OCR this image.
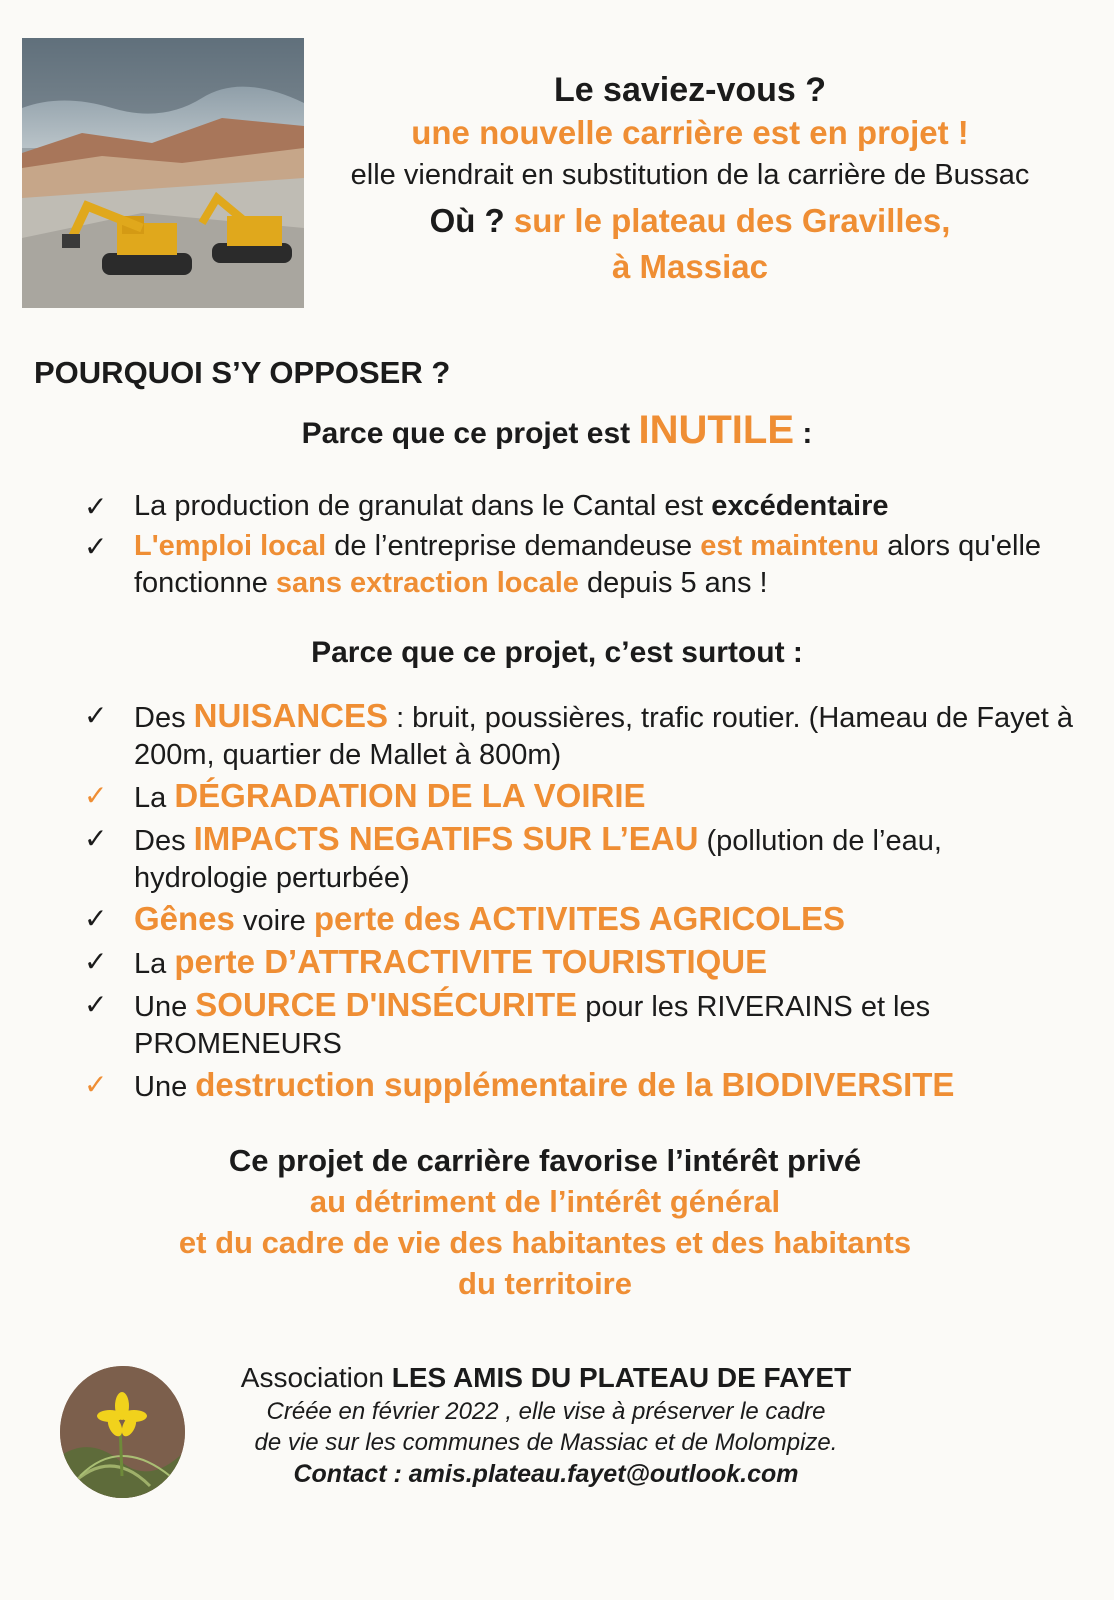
Le saviez-vous ?
une nouvelle carrière est en projet !
elle viendrait en substitution de la carrière de Bussac
Où ? sur le plateau des Gravilles,
à Massiac
POURQUOI S’Y OPPOSER ?
Parce que ce projet est INUTILE :
✓ La production de granulat dans le Cantal est excédentaire
✓ L'emploi local de l’entreprise demandeuse est maintenu alors qu'elle fonctionne sans extraction locale depuis 5 ans !
Parce que ce projet, c’est surtout :
✓ Des NUISANCES : bruit, poussières, trafic routier. (Hameau de Fayet à 200m, quartier de Mallet à 800m)
✓ La DÉGRADATION DE LA VOIRIE
✓ Des IMPACTS NEGATIFS SUR L’EAU (pollution de l’eau, hydrologie perturbée)
✓ Gênes voire perte des ACTIVITES AGRICOLES
✓ La perte D’ATTRACTIVITE TOURISTIQUE
✓ Une SOURCE D'INSÉCURITE pour les RIVERAINS et les PROMENEURS
✓ Une destruction supplémentaire de la BIODIVERSITE
Ce projet de carrière favorise l’intérêt privé
au détriment de l’intérêt général
et du cadre de vie des habitantes et des habitants
du territoire
Association LES AMIS DU PLATEAU DE FAYET
Créée en février 2022 , elle vise à préserver le cadre
de vie sur les communes de Massiac et de Molompize.
Contact : amis.plateau.fayet@outlook.com
